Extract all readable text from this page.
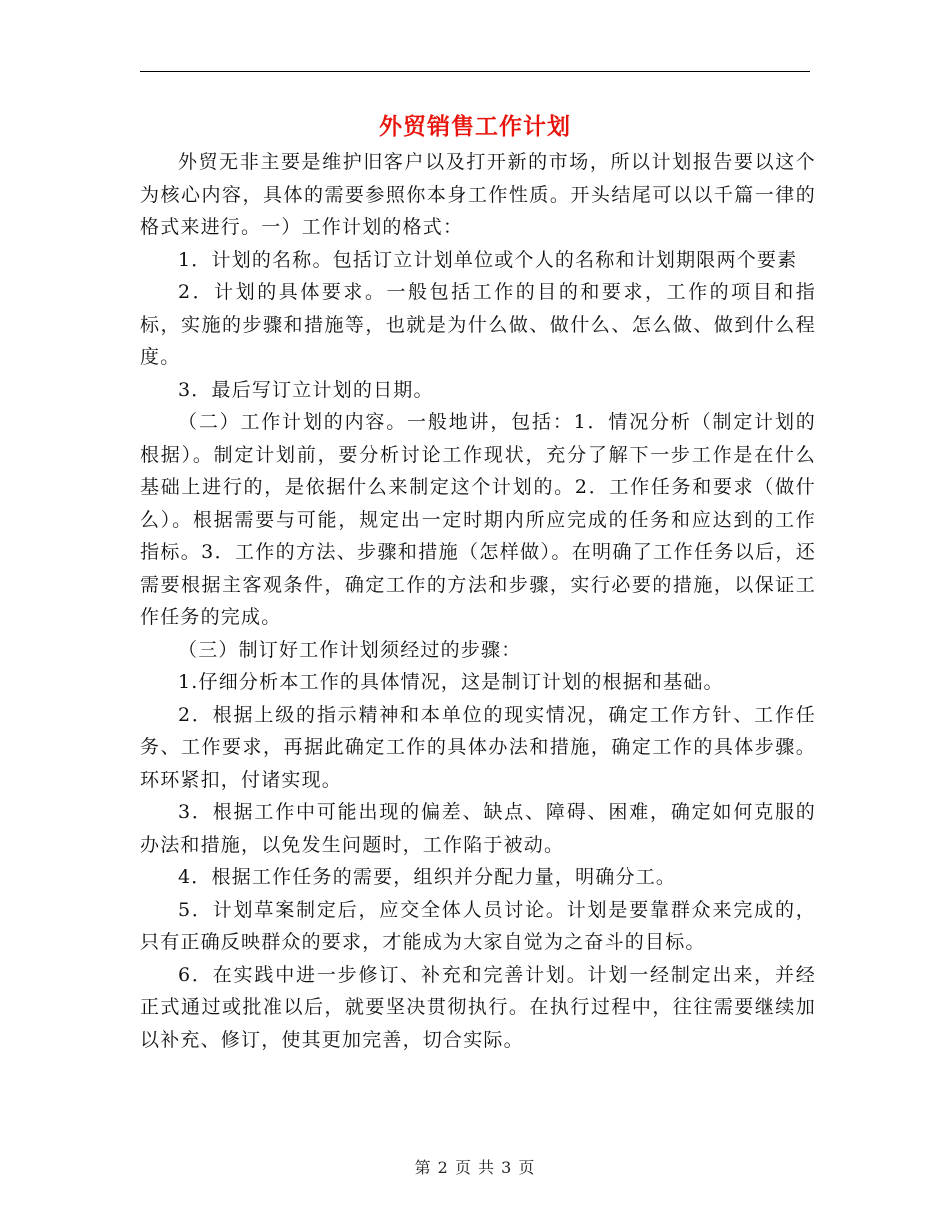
外贸销售工作计划

外贸无非主要是维护旧客户以及打开新的市场，所以计划报告要以这个为核心内容，具体的需要参照你本身工作性质。开头结尾可以以千篇一律的格式来进行。一）工作计划的格式：

1．计划的名称。包括订立计划单位或个人的名称和计划期限两个要素

2．计划的具体要求。一般包括工作的目的和要求，工作的项目和指标，实施的步骤和措施等，也就是为什么做、做什么、怎么做、做到什么程度。

3．最后写订立计划的日期。

（二）工作计划的内容。一般地讲，包括：1．情况分析（制定计划的根据）。制定计划前，要分析讨论工作现状，充分了解下一步工作是在什么基础上进行的，是依据什么来制定这个计划的。2．工作任务和要求（做什么）。根据需要与可能，规定出一定时期内所应完成的任务和应达到的工作指标。3．工作的方法、步骤和措施（怎样做）。在明确了工作任务以后，还需要根据主客观条件，确定工作的方法和步骤，实行必要的措施，以保证工作任务的完成。

（三）制订好工作计划须经过的步骤：

1.仔细分析本工作的具体情况，这是制订计划的根据和基础。

2．根据上级的指示精神和本单位的现实情况，确定工作方针、工作任务、工作要求，再据此确定工作的具体办法和措施，确定工作的具体步骤。环环紧扣，付诸实现。

3．根据工作中可能出现的偏差、缺点、障碍、困难，确定如何克服的办法和措施，以免发生问题时，工作陷于被动。

4．根据工作任务的需要，组织并分配力量，明确分工。

5．计划草案制定后，应交全体人员讨论。计划是要靠群众来完成的，只有正确反映群众的要求，才能成为大家自觉为之奋斗的目标。

6．在实践中进一步修订、补充和完善计划。计划一经制定出来，并经正式通过或批准以后，就要坚决贯彻执行。在执行过程中，往往需要继续加以补充、修订，使其更加完善，切合实际。

第 2 页 共 3 页
